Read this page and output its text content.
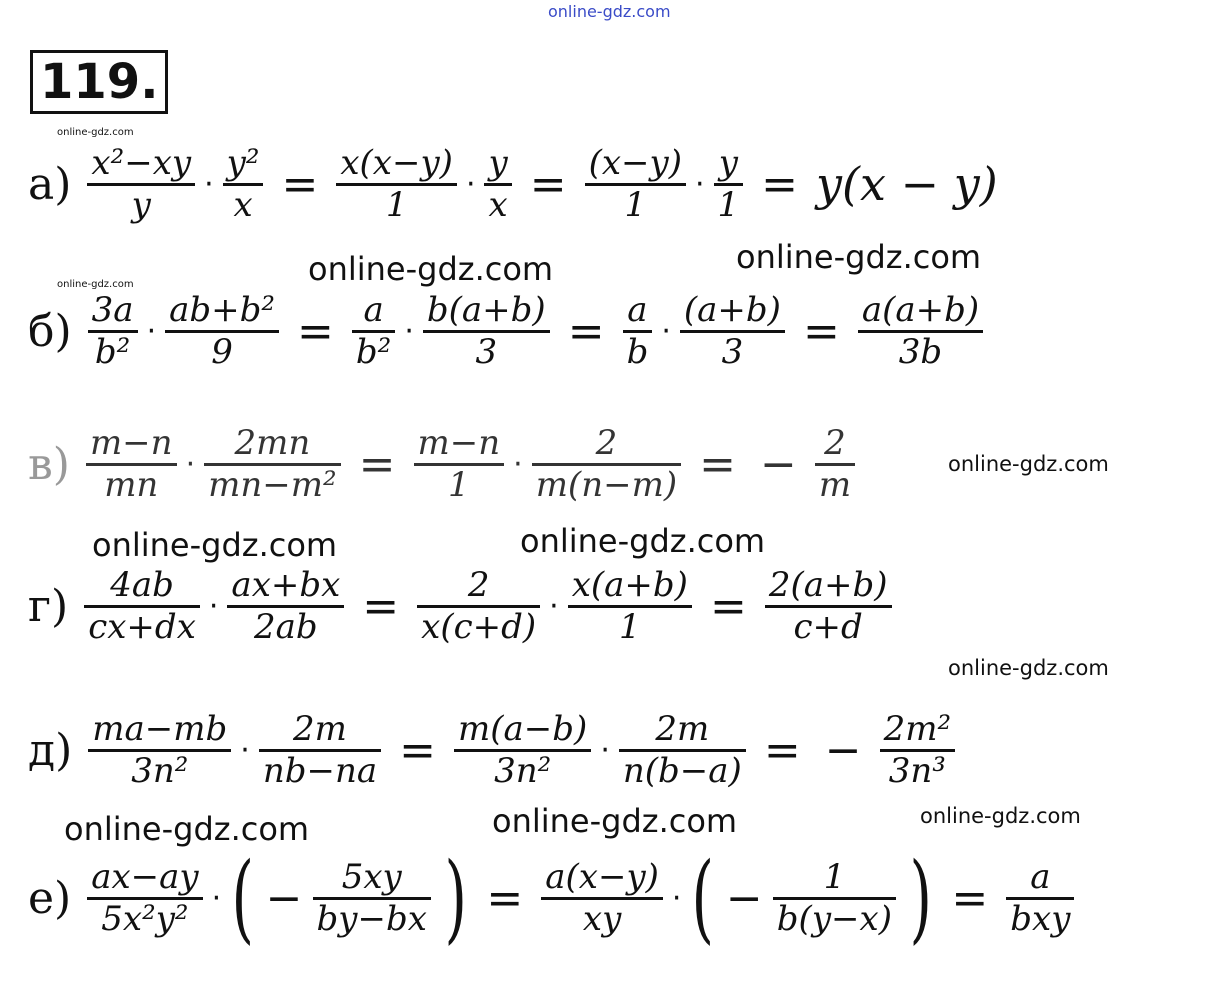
online-gdz.com
119.
online-gdz.com
online-gdz.com	online-gdz.com	online-gdz.com
online-gdz.com
online-gdz.com	online-gdz.com
online-gdz.com
online-gdz.com
online-gdz.com	online-gdz.com
$а) \frac{\text{x²−xy}}{y} \cdot \frac{\text{y²}}{x} = \frac{x(x-y)}{1} \cdot \frac{y}{x} = \frac{(x-y)}{1} \cdot \frac{y}{1} = y(x - y)$
$б) \frac{3a}{\text{b²}} \cdot \frac{\text{ab+b²}}{9} = \frac{a}{\text{b²}} \cdot \frac{b(a+b)}{3} = \frac{a}{b} \cdot \frac{(a+b)}{3} = \frac{a(a+b)}{3b}$
$в) \frac{m-n}{mn} \cdot \frac{2mn}{\text{mn−m²}} = \frac{m-n}{1} \cdot \frac{2}{m(n-m)}$ = − $\frac{2}{m}$
$г) \frac{4ab}{cx+dx} \cdot \frac{ax+bx}{2ab} = \frac{2}{x(c+d)} \cdot \frac{x(a+b)}{1} = \frac{2(a+b)}{c+d}$
$д) \frac{ma-mb}{\text{3n²}} \cdot \frac{2m}{nb-na} = \frac{m(a-b)}{\text{3n²}} \cdot \frac{2m}{n(b-a)}$ = − $\frac{\text{2m²}}{\text{3n³}}$
$е) \frac{ax-ay}{\text{5x²y²}}$ · ( − $\frac{5xy}{by-bx}$ ) = $\frac{a(x-y)}{xy}$ · ( − $\frac{1}{b(y-x)}$ ) = $\frac{a}{\text{bxy}}$
